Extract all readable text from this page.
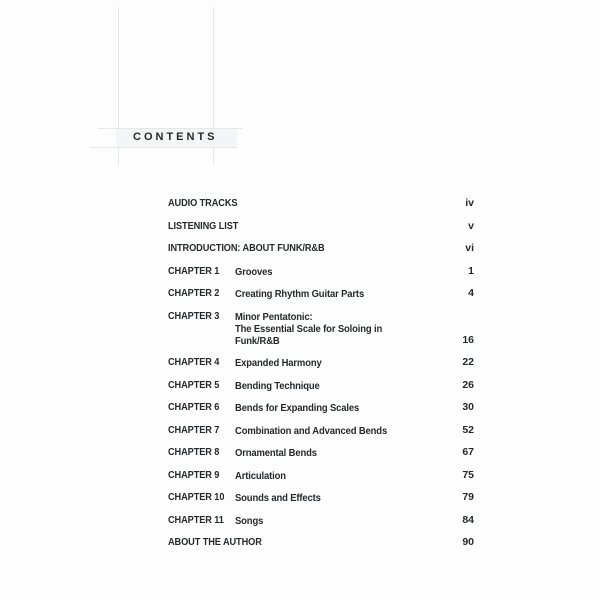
CONTENTS
AUDIO TRACKS	iv
LISTENING LIST	v
INTRODUCTION: ABOUT FUNK/R&B	vi
CHAPTER 1	Grooves	1
CHAPTER 2	Creating Rhythm Guitar Parts	4
CHAPTER 3	Minor Pentatonic:
The Essential Scale for Soloing in Funk/R&B	16
CHAPTER 4	Expanded Harmony	22
CHAPTER 5	Bending Technique	26
CHAPTER 6	Bends for Expanding Scales	30
CHAPTER 7	Combination and Advanced Bends	52
CHAPTER 8	Ornamental Bends	67
CHAPTER 9	Articulation	75
CHAPTER 10	Sounds and Effects	79
CHAPTER 11	Songs	84
ABOUT THE AUTHOR	90
